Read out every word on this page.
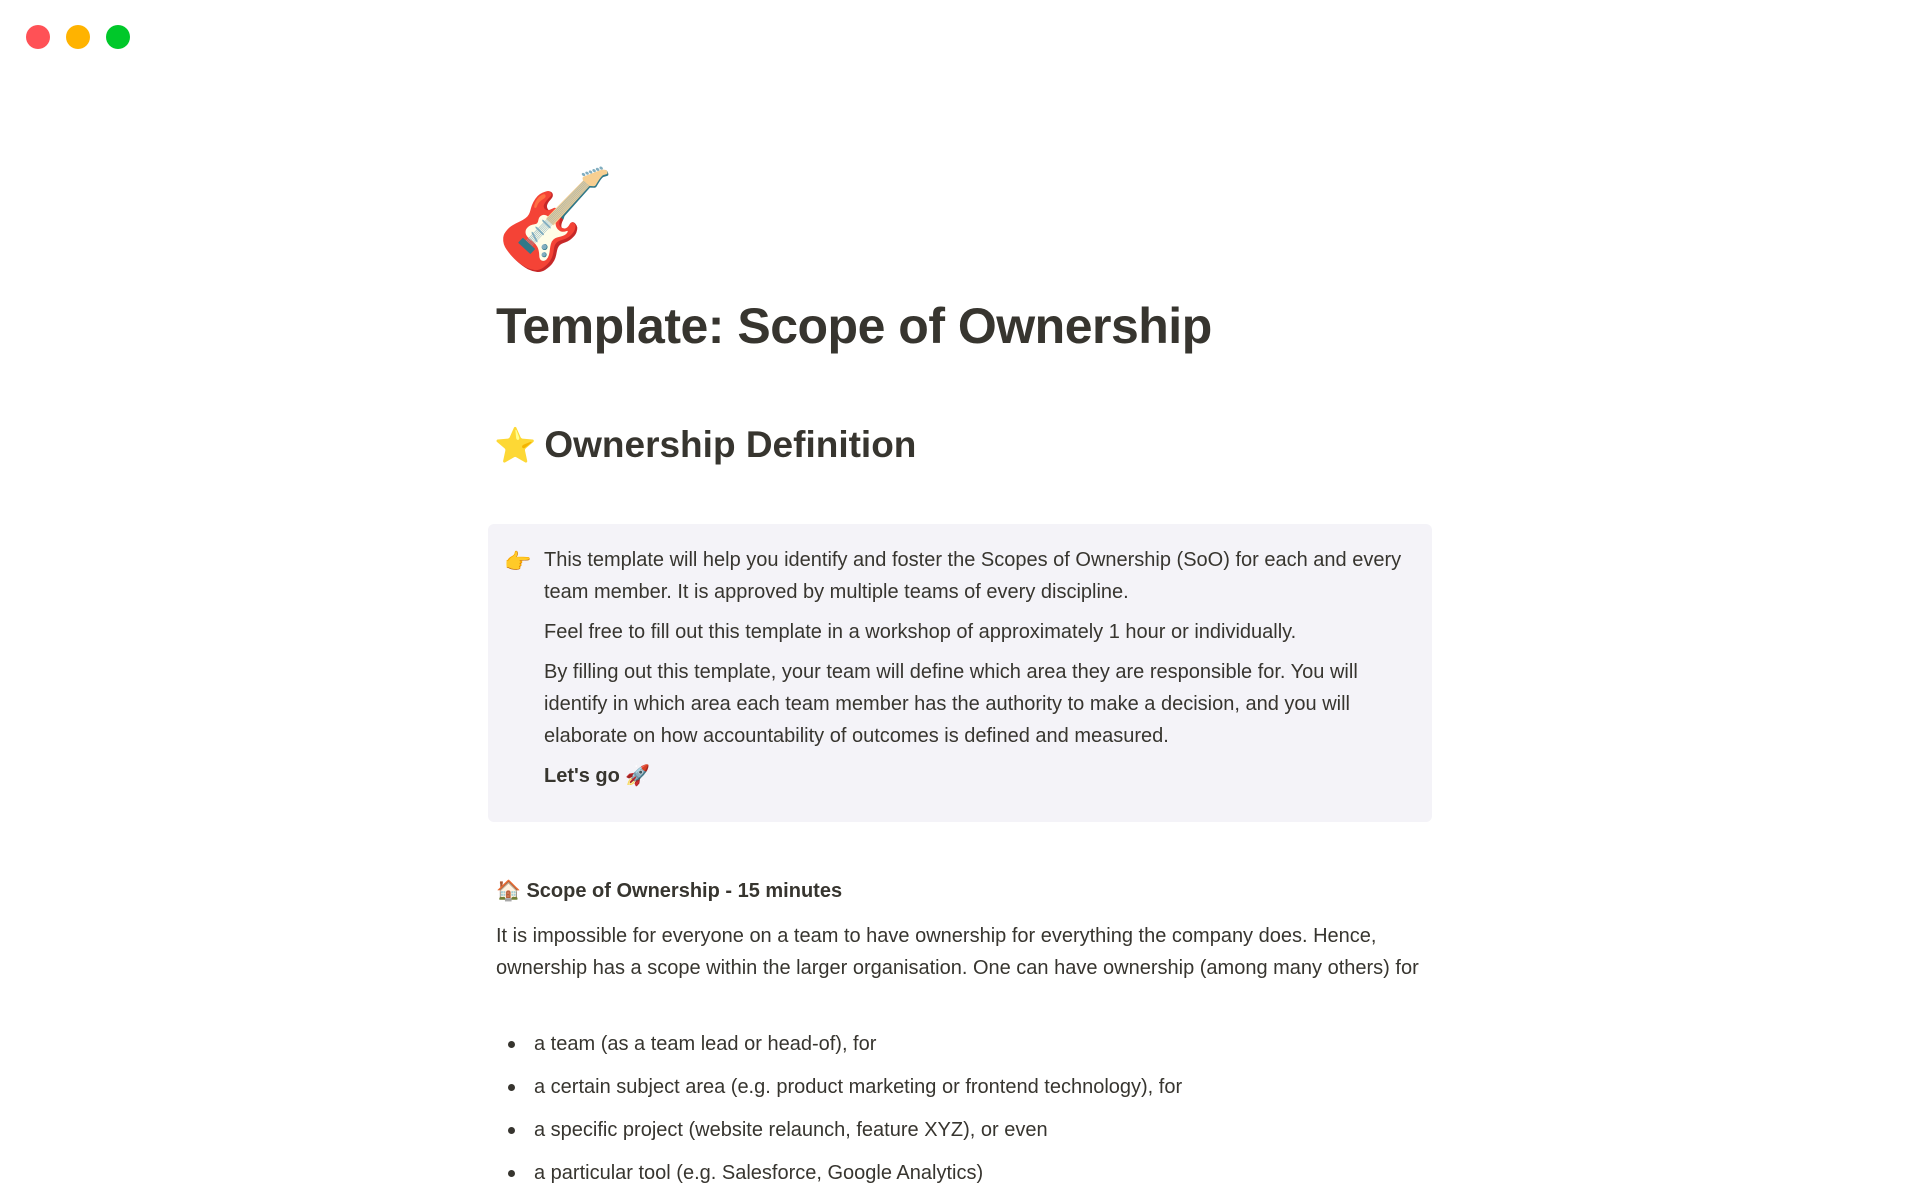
🎸
Template: Scope of Ownership
⭐ Ownership Definition
👉 This template will help you identify and foster the Scopes of Ownership (SoO) for each and every team member. It is approved by multiple teams of every discipline.

Feel free to fill out this template in a workshop of approximately 1 hour or individually.

By filling out this template, your team will define which area they are responsible for. You will identify in which area each team member has the authority to make a decision, and you will elaborate on how accountability of outcomes is defined and measured.

Let's go 🚀

🏠 Scope of Ownership - 15 minutes

It is impossible for everyone on a team to have ownership for everything the company does. Hence, ownership has a scope within the larger organisation. One can have ownership (among many others) for

a team (as a team lead or head-of), for
a certain subject area (e.g. product marketing or frontend technology), for
a specific project (website relaunch, feature XYZ), or even
a particular tool (e.g. Salesforce, Google Analytics)
